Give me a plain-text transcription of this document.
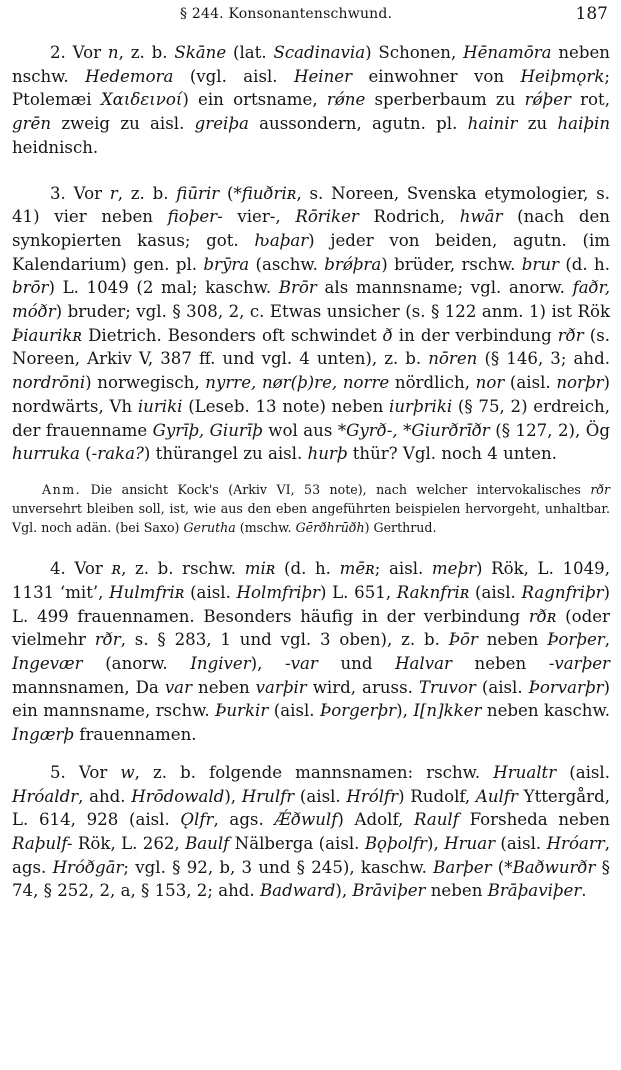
§ 244. Konsonantenschwund.	187

2. Vor n, z. b. Skāne (lat. Scadinavia) Schonen, Hēnamōra neben nschw. Hedemora (vgl. aisl. Heiner einwohner von Heiþmǫrk; Ptolemæi Χαιδεινοί) ein ortsname, rǿne sperberbaum zu rǿþer rot, grēn zweig zu aisl. greiþa aussondern, agutn. pl. hainir zu haiþin heidnisch.

3. Vor r, z. b. fiūrir (*fiuðriʀ, s. Noreen, Svenska etymologier, s. 41) vier neben fioþer- vier-, Rōriker Rodrich, hwār (nach den synkopierten kasus; got. ƕaþar) jeder von beiden, agutn. (im Kalendarium) gen. pl. brȳra (aschw. brǿþra) brüder, rschw. brur (d. h. brōr) L. 1049 (2 mal; kaschw. Brōr als mannsname; vgl. anorw. faðr, móðr) bruder; vgl. § 308, 2, c. Etwas unsicher (s. § 122 anm. 1) ist Rök Þiaurikʀ Dietrich. Besonders oft schwindet ð in der verbindung rðr (s. Noreen, Arkiv V, 387 ff. und vgl. 4 unten), z. b. nōren (§ 146, 3; ahd. nordrōni) norwegisch, nyrre, nør(þ)re, norre nördlich, nor (aisl. norþr) nordwärts, Vh iuriki (Leseb. 13 note) neben iurþriki (§ 75, 2) erdreich, der frauenname Gyrīþ, Giurīþ wol aus *Gyrð-, *Giurðrīðr (§ 127, 2), Ög hurruka (-raka?) thürangel zu aisl. hurþ thür? Vgl. noch 4 unten.

Anm. Die ansicht Kock's (Arkiv VI, 53 note), nach welcher intervokalisches rðr unversehrt bleiben soll, ist, wie aus den eben angeführten beispielen hervorgeht, unhaltbar. Vgl. noch adän. (bei Saxo) Gerutha (mschw. Gērðhrūðh) Gerthrud.

4. Vor ʀ, z. b. rschw. miʀ (d. h. mēʀ; aisl. meþr) Rök, L. 1049, 1131 ‘mit’, Hulmfriʀ (aisl. Holmfriþr) L. 651, Raknfriʀ (aisl. Ragnfriþr) L. 499 frauennamen. Besonders häufig in der verbindung rðʀ (oder vielmehr rðr, s. § 283, 1 und vgl. 3 oben), z. b. Þōr neben Þorþer, Ingevær (anorw. Ingiver), -var und Halvar neben -varþer mannsnamen, Da var neben varþir wird, aruss. Truvor (aisl. Þorvarþr) ein mannsname, rschw. Þurkir (aisl. Þorgerþr), I[n]kker neben kaschw. Ingærþ frauennamen.

5. Vor w, z. b. folgende mannsnamen: rschw. Hrualtr (aisl. Hróaldr, ahd. Hrōdowald), Hrulfr (aisl. Hrólfr) Rudolf, Aulfr Yttergård, L. 614, 928 (aisl. Ǫlfr, ags. Ǽðwulf) Adolf, Raulf Forsheda neben Raþulf- Rök, L. 262, Baulf Nälberga (aisl. Bǫþolfr), Hruar (aisl. Hróarr, ags. Hróðgār; vgl. § 92, b, 3 und § 245), kaschw. Barþer (*Baðwurðr § 74, § 252, 2, a, § 153, 2; ahd. Badward), Brāviþer neben Brāþaviþer.
